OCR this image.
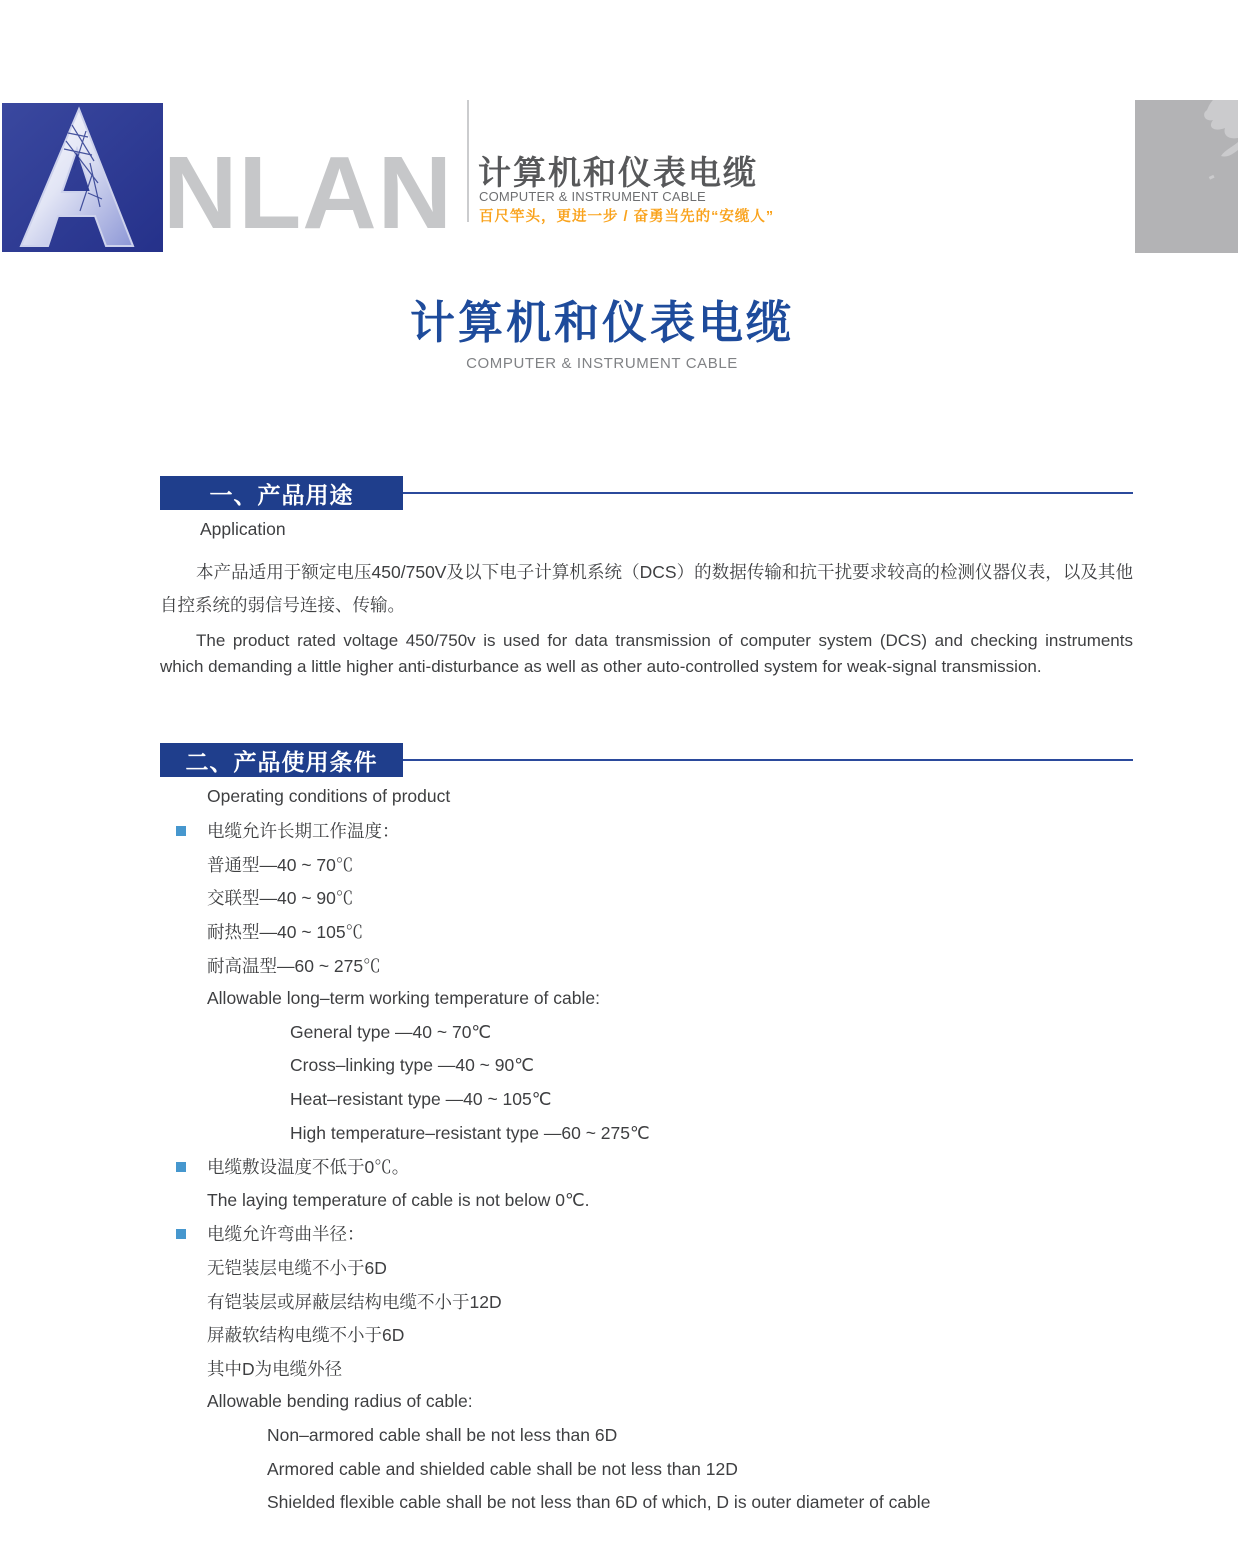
NLAN 计算机和仪表电缆
COMPUTER & INSTRUMENT CABLE
百尺竿头，更进一步 / 奋勇当先的“安缆人”
计算机和仪表电缆
COMPUTER & INSTRUMENT CABLE
一、产品用途
Application
本产品适用于额定电压450/750V及以下电子计算机系统（DCS）的数据传输和抗干扰要求较高的检测仪器仪表，以及其他自控系统的弱信号连接、传输。
The product rated voltage 450/750v is used for data transmission of computer system (DCS) and checking instruments which demanding a little higher anti-disturbance as well as other auto-controlled system for weak-signal transmission.
二、产品使用条件
Operating conditions of product
电缆允许长期工作温度：
普通型—40 ~ 70℃
交联型—40 ~ 90℃
耐热型—40 ~ 105℃
耐高温型—60 ~ 275℃
Allowable long–term working temperature of cable:
General type —40 ~ 70℃
Cross–linking type —40 ~ 90℃
Heat–resistant type —40 ~ 105℃
High temperature–resistant type —60 ~ 275℃
电缆敷设温度不低于0℃。
The laying temperature of cable is not below 0℃.
电缆允许弯曲半径：
无铠装层电缆不小于6D
有铠装层或屏蔽层结构电缆不小于12D
屏蔽软结构电缆不小于6D
其中D为电缆外径
Allowable bending radius of cable:
Non–armored cable shall be not less than 6D
Armored cable and shielded cable shall be not less than 12D
Shielded flexible cable shall be not less than 6D of which, D is outer diameter of cable
